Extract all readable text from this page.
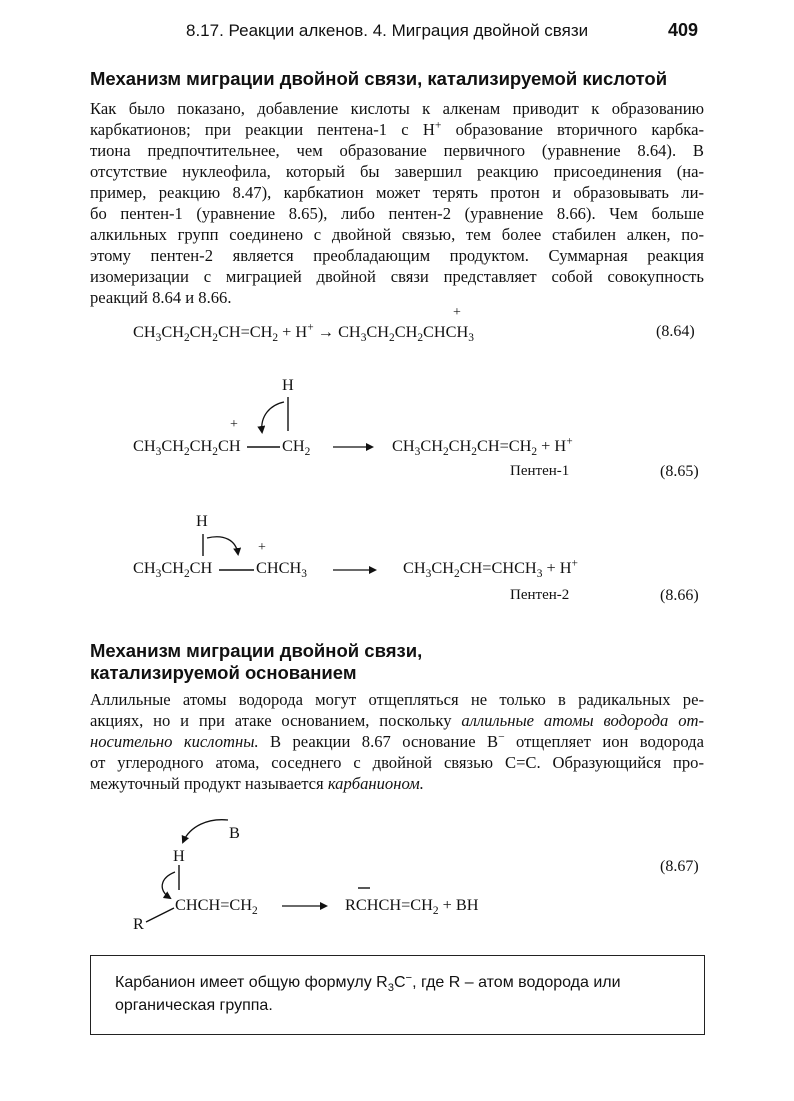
8.17. Реакции алкенов. 4. Миграция двойной связи	409
Механизм миграции двойной связи, катализируемой кислотой
Как было показано, добавление кислоты к алкенам приводит к образованию
карбкатионов; при реакции пентена-1 с H+ образование вторичного карбка-
тиона предпочтительнее, чем образование первичного (уравнение 8.64). В
отсутствие нуклеофила, который бы завершил реакцию присоединения (на-
пример, реакцию 8.47), карбкатион может терять протон и образовывать ли-
бо пентен-1 (уравнение 8.65), либо пентен-2 (уравнение 8.66). Чем больше
алкильных групп соединено с двойной связью, тем более стабилен алкен, по-
этому пентен-2 является преобладающим продуктом. Суммарная реакция
изомеризации с миграцией двойной связи представляет собой совокупность
реакций 8.64 и 8.66.
$CH_3CH_2CH_2CH=CH_2 + H^+$ → $CH_3CH_2CH_2CHCH_3$
+
(8.64)
H
+
$CH_3CH_2CH_2CH$	$CH_2$	$CH_3CH_2CH_2CH=CH_2 + H^+$
Пентен-1	(8.65)
H
+
$CH_3CH_2CH$	$CHCH_3$	$CH_3CH_2CH=CHCH_3 + H^+$
Пентен-2	(8.66)
Механизм миграции двойной связи,
катализируемой основанием
Аллильные атомы водорода могут отщепляться не только в радикальных ре-
акциях, но и при атаке основанием, поскольку аллильные атомы водорода от-
носительно кислотны. В реакции 8.67 основание B− отщепляет ион водорода
от углеродного атома, соседнего с двойной связью C=C. Образующийся про-
межуточный продукт называется карбанионом.
B
H
$CHCH=CH_2$
R
$RCHCH=CH_2$ + BH
(8.67)
Карбанион имеет общую формулу $R_3C^-$, где R – атом водорода или
органическая группа.
